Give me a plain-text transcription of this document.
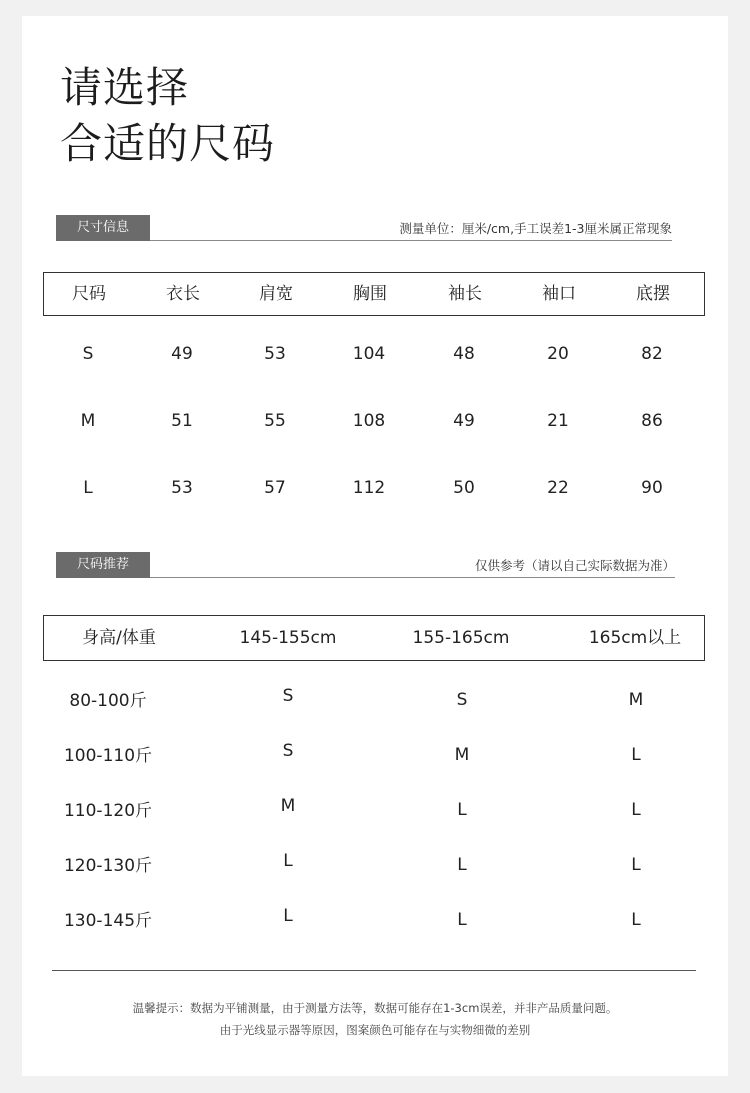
请选择
合适的尺码
尺寸信息	测量单位：厘米/cm,手工误差1-3厘米属正常现象
尺码	衣长	肩宽	胸围	袖长	袖口	底摆
S	49	53	104	48	20	82
M	51	55	108	49	21	86
L	53	57	112	50	22	90
尺码推荐	仅供参考（请以自己实际数据为准）
身高/体重	145-155cm	155-165cm	165cm以上
80-100斤	S	S	M
100-110斤	S	M	L
110-120斤	M	L	L
120-130斤	L	L	L
130-145斤	L	L	L
温馨提示：数据为平铺测量，由于测量方法等，数据可能存在1-3cm误差，并非产品质量问题。
由于光线显示器等原因，图案颜色可能存在与实物细微的差别
